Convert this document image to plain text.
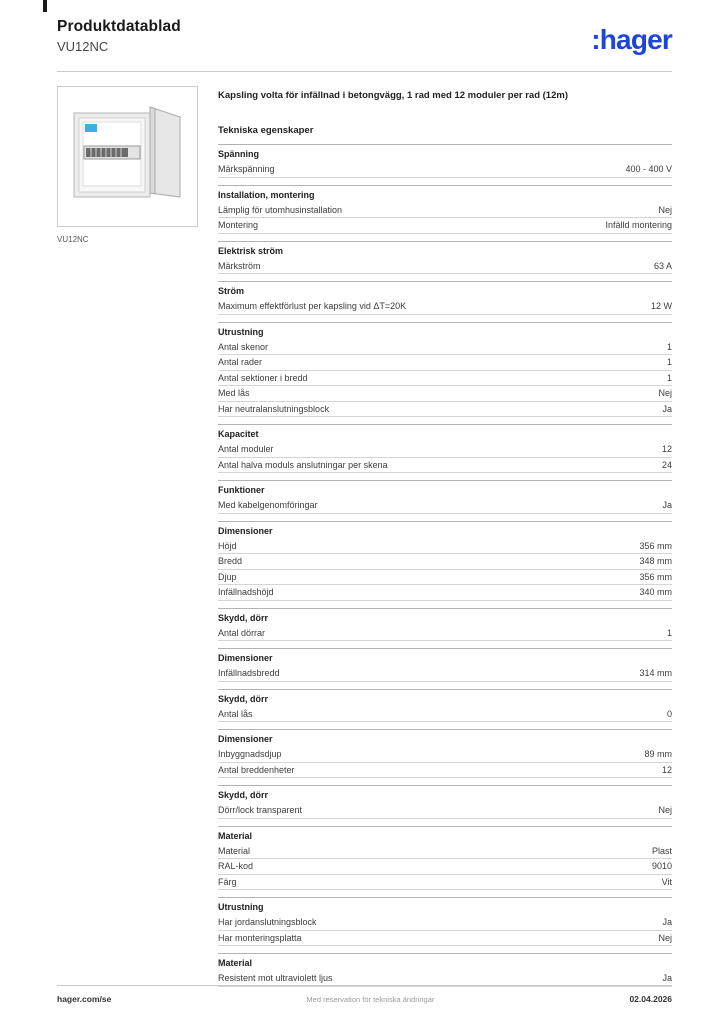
Produktdatablad
VU12NC	:hager
VU12NC
Kapsling volta för infällnad i betongvägg, 1 rad med 12 moduler per rad (12m)
Tekniska egenskaper
Spänning
Märkspänning	400 - 400 V
Installation, montering
Lämplig för utomhusinstallation	Nej
Montering	Infälld montering
Elektrisk ström
Märkström	63 A
Ström
Maximum effektförlust per kapsling vid ΔT=20K	12 W
Utrustning
Antal skenor	1
Antal rader	1
Antal sektioner i bredd	1
Med lås	Nej
Har neutralanslutningsblock	Ja
Kapacitet
Antal moduler	12
Antal halva moduls anslutningar per skena	24
Funktioner
Med kabelgenomföringar	Ja
Dimensioner
Höjd	356 mm
Bredd	348 mm
Djup	356 mm
Infällnadshöjd	340 mm
Skydd, dörr
Antal dörrar	1
Dimensioner
Infällnadsbredd	314 mm
Skydd, dörr
Antal lås	0
Dimensioner
Inbyggnadsdjup	89 mm
Antal breddenheter	12
Skydd, dörr
Dörr/lock transparent	Nej
Material
Material	Plast
RAL-kod	9010
Färg	Vit
Utrustning
Har jordanslutningsblock	Ja
Har monteringsplatta	Nej
Material
Resistent mot ultraviolett ljus	Ja
hager.com/se	Med reservation för tekniska ändringar	02.04.2026
